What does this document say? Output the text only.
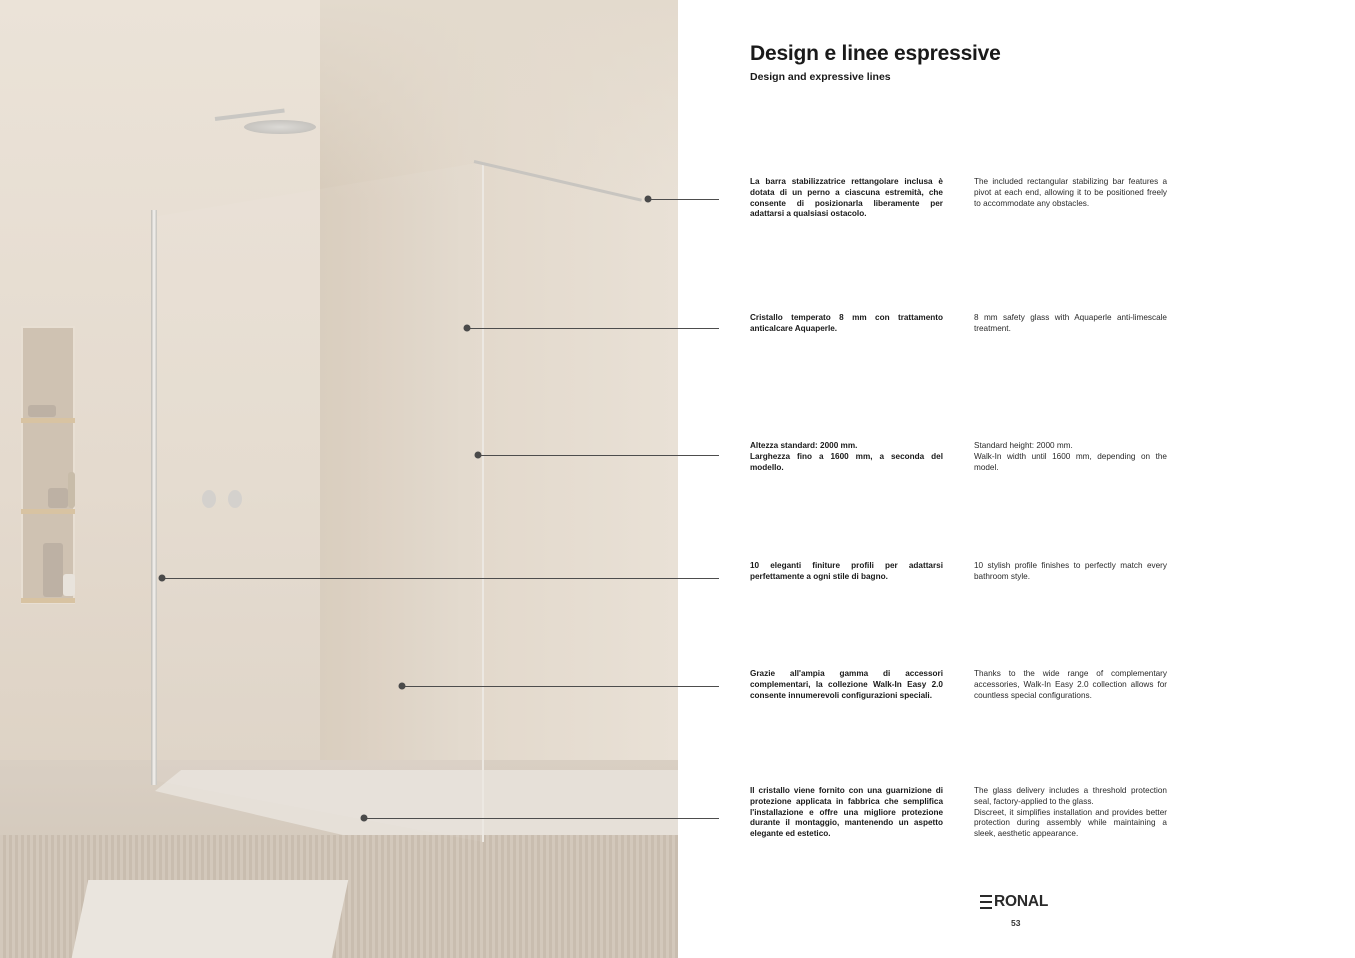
Design e linee espressive
Design and expressive lines

La barra stabilizzatrice rettangolare inclusa è dotata di un perno a ciascuna estremità, che consente di posizionarla liberamente per adattarsi a qualsiasi ostacolo.

The included rectangular stabilizing bar features a pivot at each end, allowing it to be positioned freely to accommodate any obstacles.

Cristallo temperato 8 mm con trattamento anticalcare Aquaperle.

8 mm safety glass with Aquaperle anti-limescale treatment.

Altezza standard: 2000 mm.
Larghezza fino a 1600 mm, a seconda del modello.
Standard height: 2000 mm.
Walk-In width until 1600 mm, depending on the model.

10 eleganti finiture profili per adattarsi perfettamente a ogni stile di bagno.

10 stylish profile finishes to perfectly match every bathroom style.

Grazie all'ampia gamma di accessori complementari, la collezione Walk-In Easy 2.0 consente innumerevoli configurazioni speciali.

Thanks to the wide range of complementary accessories, Walk-In Easy 2.0 collection allows for countless special configurations.

Il cristallo viene fornito con una guarnizione di protezione applicata in fabbrica che semplifica l'installazione e offre una migliore protezione durante il montaggio, mantenendo un aspetto elegante ed estetico.

The glass delivery includes a threshold protection seal, factory-applied to the glass.
Discreet, it simplifies installation and provides better protection during assembly while maintaining a sleek, aesthetic appearance.
RONAL
53
